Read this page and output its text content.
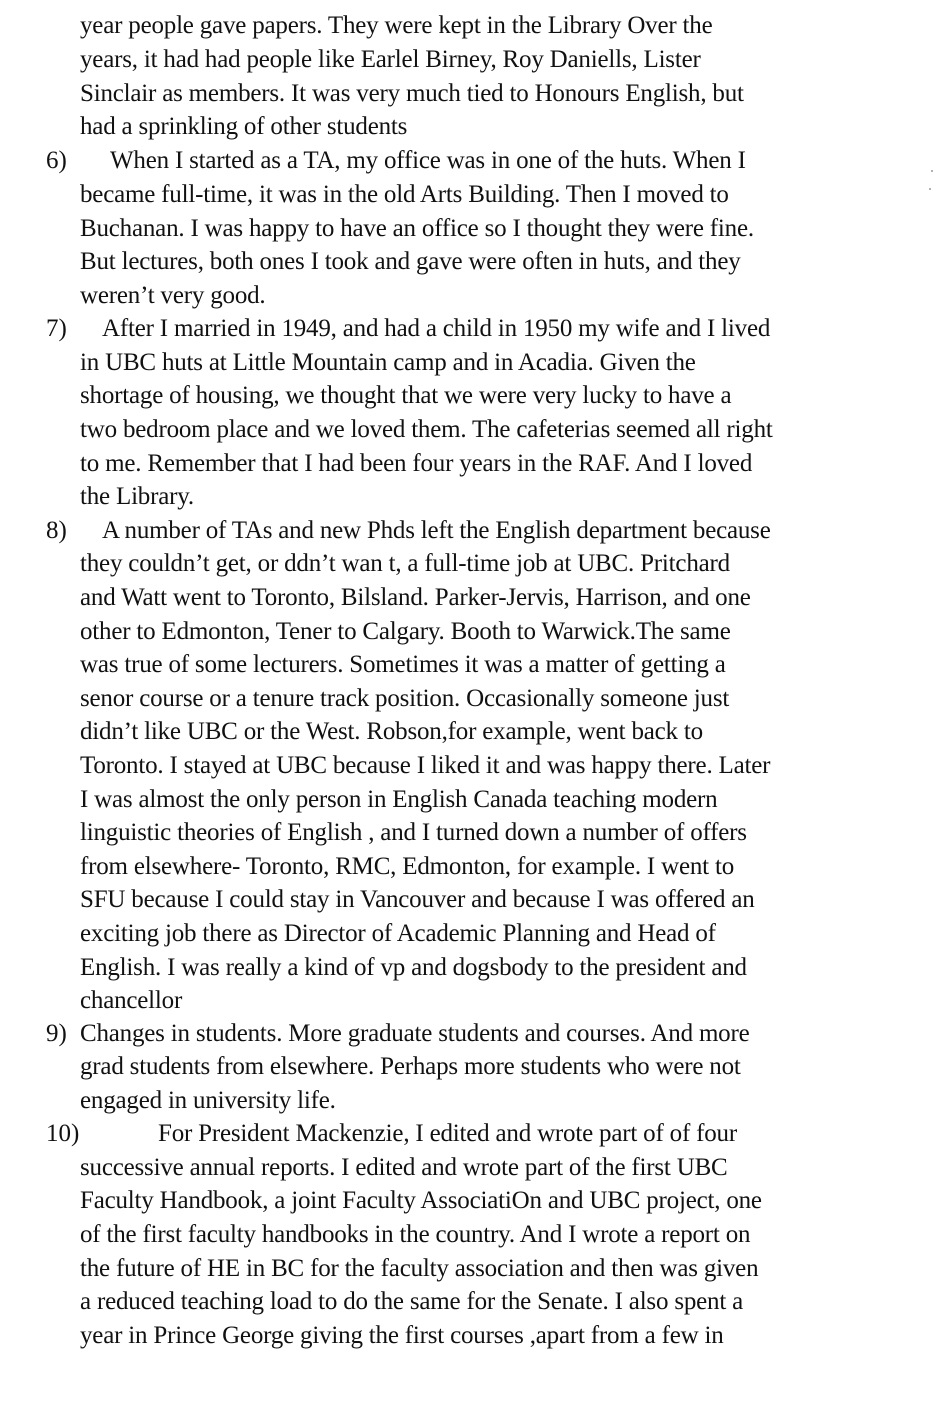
year people gave papers. They were kept in the Library Over the
years, it had had people like Earlel Birney, Roy Daniells, Lister
Sinclair as members. It was very much tied to Honours English, but
had a sprinkling of other students
6) When I started as a TA, my office was in one of the huts. When I
became full-time, it was in the old Arts Building. Then I moved to
Buchanan. I was happy to have an office so I thought they were fine.
But lectures, both ones I took and gave were often in huts, and they
weren’t very good.
7) After I married in 1949, and had a child in 1950 my wife and I lived
in UBC huts at Little Mountain camp and in Acadia. Given the
shortage of housing, we thought that we were very lucky to have a
two bedroom place and we loved them. The cafeterias seemed all right
to me. Remember that I had been four years in the RAF. And I loved
the Library.
8) A number of TAs and new Phds left the English department because
they couldn’t get, or ddn’t wan t, a full-time job at UBC. Pritchard
and Watt went to Toronto, Bilsland. Parker-Jervis, Harrison, and one
other to Edmonton, Tener to Calgary. Booth to Warwick.The same
was true of some lecturers. Sometimes it was a matter of getting a
senor course or a tenure track position. Occasionally someone just
didn’t like UBC or the West. Robson,for example, went back to
Toronto. I stayed at UBC because I liked it and was happy there. Later
I was almost the only person in English Canada teaching modern
linguistic theories of English , and I turned down a number of offers
from elsewhere- Toronto, RMC, Edmonton, for example. I went to
SFU because I could stay in Vancouver and because I was offered an
exciting job there as Director of Academic Planning and Head of
English. I was really a kind of vp and dogsbody to the president and
chancellor
9) Changes in students. More graduate students and courses. And more
grad students from elsewhere. Perhaps more students who were not
engaged in university life.
10)	For President Mackenzie, I edited and wrote part of of four
successive annual reports. I edited and wrote part of the first UBC
Faculty Handbook, a joint Faculty AssociatiOn and UBC project, one
of the first faculty handbooks in the country. And I wrote a report on
the future of HE in BC for the faculty association and then was given
a reduced teaching load to do the same for the Senate. I also spent a
year in Prince George giving the first courses ,apart from a few in
